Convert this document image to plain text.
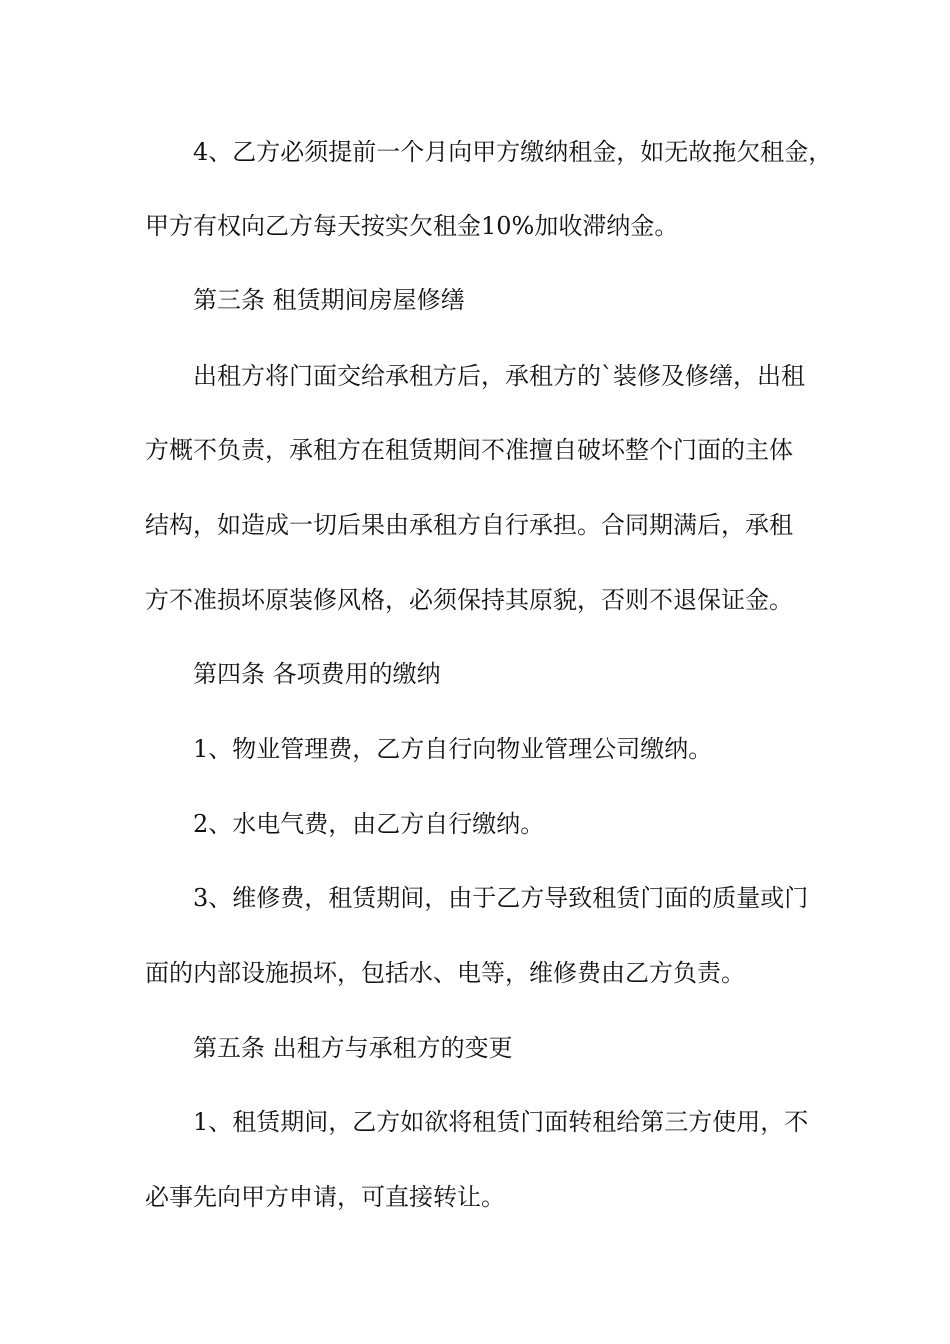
4、乙方必须提前一个月向甲方缴纳租金，如无故拖欠租金，
甲方有权向乙方每天按实欠租金10%加收滞纳金。
第三条 租赁期间房屋修缮
出租方将门面交给承租方后，承租方的`装修及修缮，出租
方概不负责，承租方在租赁期间不准擅自破坏整个门面的主体
结构，如造成一切后果由承租方自行承担。合同期满后，承租
方不准损坏原装修风格，必须保持其原貌，否则不退保证金。
第四条 各项费用的缴纳
1、物业管理费，乙方自行向物业管理公司缴纳。
2、水电气费，由乙方自行缴纳。
3、维修费，租赁期间，由于乙方导致租赁门面的质量或门
面的内部设施损坏，包括水、电等，维修费由乙方负责。
第五条 出租方与承租方的变更
1、租赁期间，乙方如欲将租赁门面转租给第三方使用，不
必事先向甲方申请，可直接转让。
